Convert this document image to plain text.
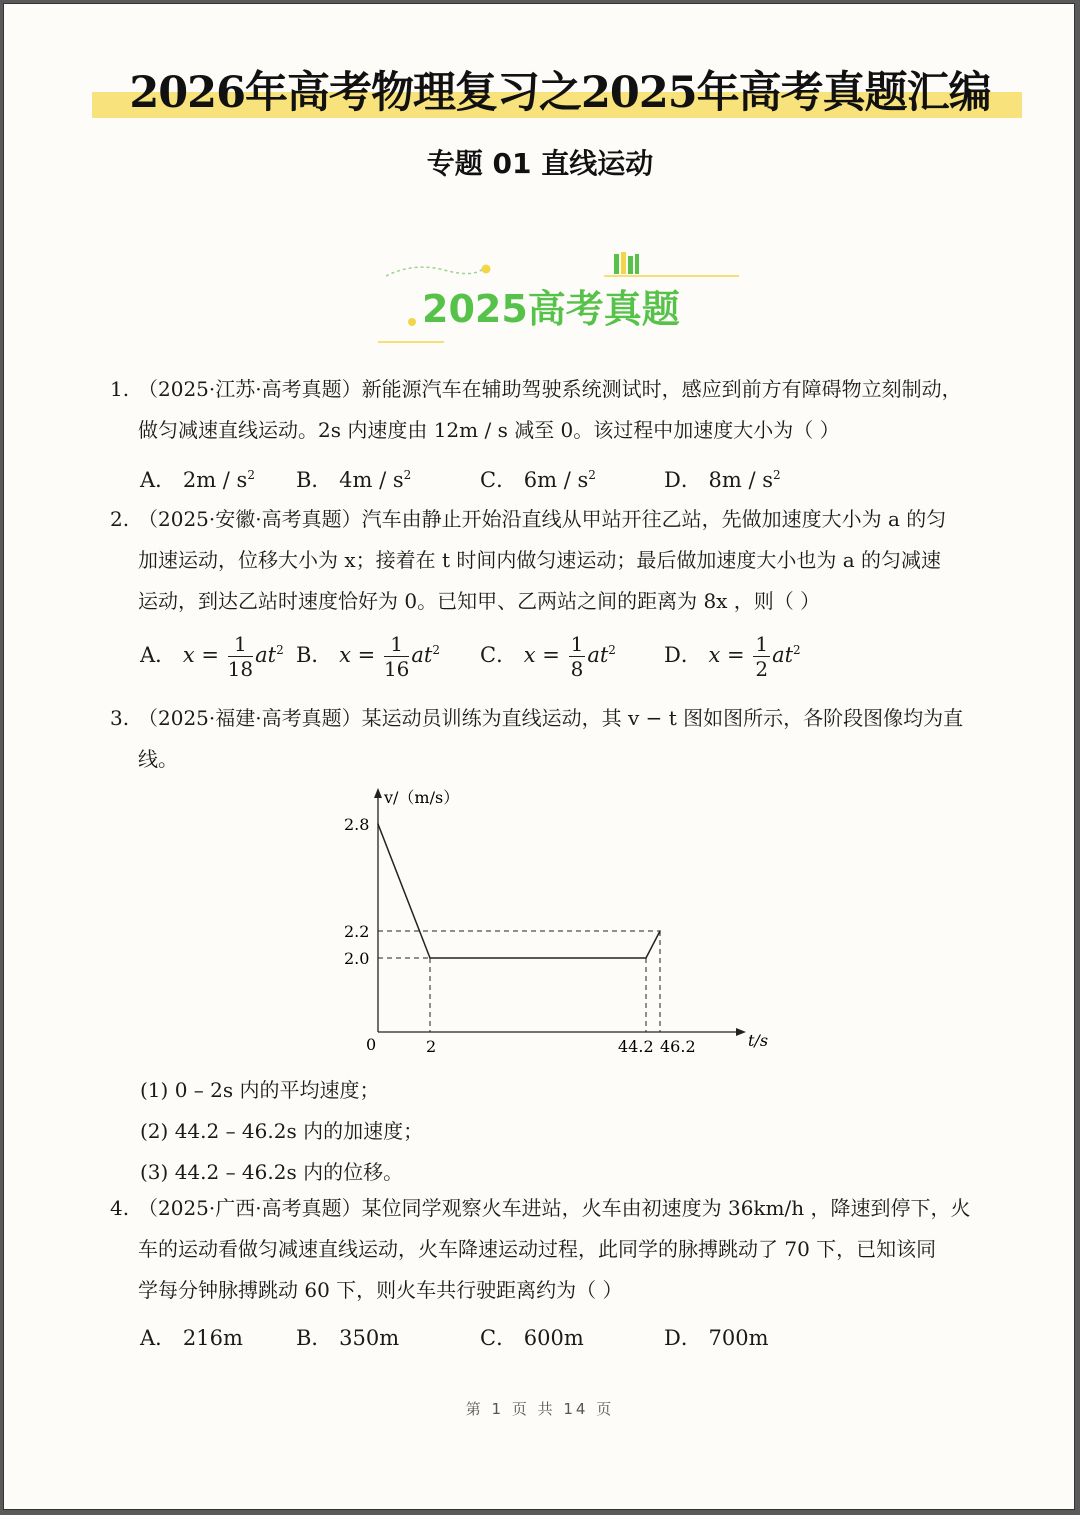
2026年高考物理复习之2025年高考真题汇编
专题 01 直线运动
2025高考真题
1. （2025·江苏·高考真题）新能源汽车在辅助驾驶系统测试时，感应到前方有障碍物立刻制动，
做匀减速直线运动。2s 内速度由 12m / s 减至 0。该过程中加速度大小为（ ）
A． $2m / s^2$ B． $4m / s^2$	C． $6m / s^2$	D． $8m / s^2$
2. （2025·安徽·高考真题）汽车由静止开始沿直线从甲站开往乙站，先做加速度大小为 a 的匀
加速运动，位移大小为 x；接着在 t 时间内做匀速运动；最后做加速度大小也为 a 的匀减速
运动，到达乙站时速度恰好为 0。已知甲、乙两站之间的距离为 8x ，则（ ）
A． $x = \frac{1}{18} at^2$ B． $x = \frac{1}{16} at^2$ C． $x = \frac{1}{8} at^2$ D． $x = \frac{1}{2} at^2$
3. （2025·福建·高考真题）某运动员训练为直线运动，其 v − t 图如图所示，各阶段图像均为直
线。
v/（m/s）
t/s
0
2.8
2.2
2.0
2	44.2 46.2
(1) 0 – 2s 内的平均速度；
(2) 44.2 – 46.2s 内的加速度；
(3) 44.2 – 46.2s 内的位移。
4. （2025·广西·高考真题）某位同学观察火车进站，火车由初速度为 36km/h ，降速到停下，火
车的运动看做匀减速直线运动，火车降速运动过程，此同学的脉搏跳动了 70 下，已知该同
学每分钟脉搏跳动 60 下，则火车共行驶距离约为（ ）
A． 216m	B． 350m	C． 600m	D． 700m
第 1 页 共 14 页
